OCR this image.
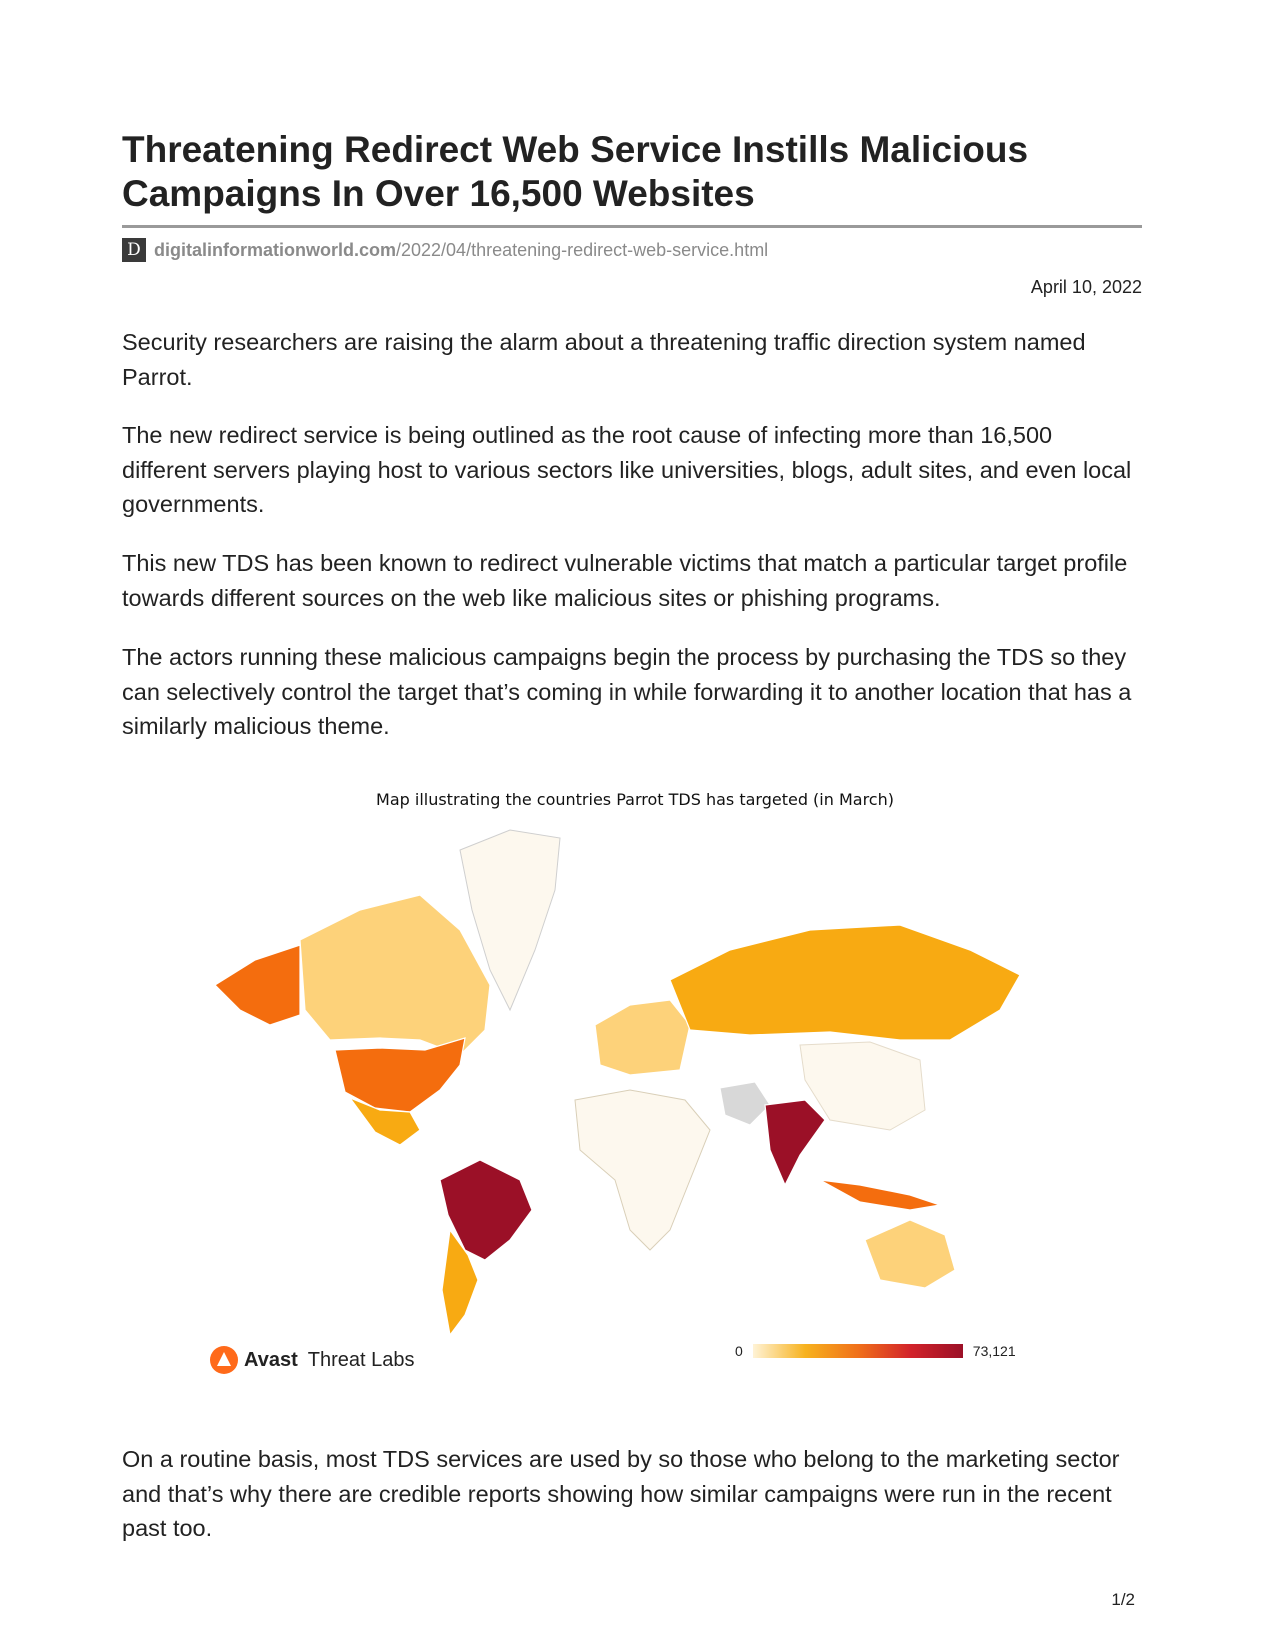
Threatening Redirect Web Service Instills Malicious Campaigns In Over 16,500 Websites
D digitalinformationworld.com/2022/04/threatening-redirect-web-service.html
April 10, 2022

Security researchers are raising the alarm about a threatening traffic direction system named Parrot.

The new redirect service is being outlined as the root cause of infecting more than 16,500 different servers playing host to various sectors like universities, blogs, adult sites, and even local governments.

This new TDS has been known to redirect vulnerable victims that match a particular target profile towards different sources on the web like malicious sites or phishing programs.

The actors running these malicious campaigns begin the process by purchasing the TDS so they can selectively control the target that’s coming in while forwarding it to another location that has a similarly malicious theme.

Map illustrating the countries Parrot TDS has targeted (in March)
Avast Threat Labs	0	73,121

On a routine basis, most TDS services are used by so those who belong to the marketing sector and that’s why there are credible reports showing how similar campaigns were run in the recent past too.

1/2
